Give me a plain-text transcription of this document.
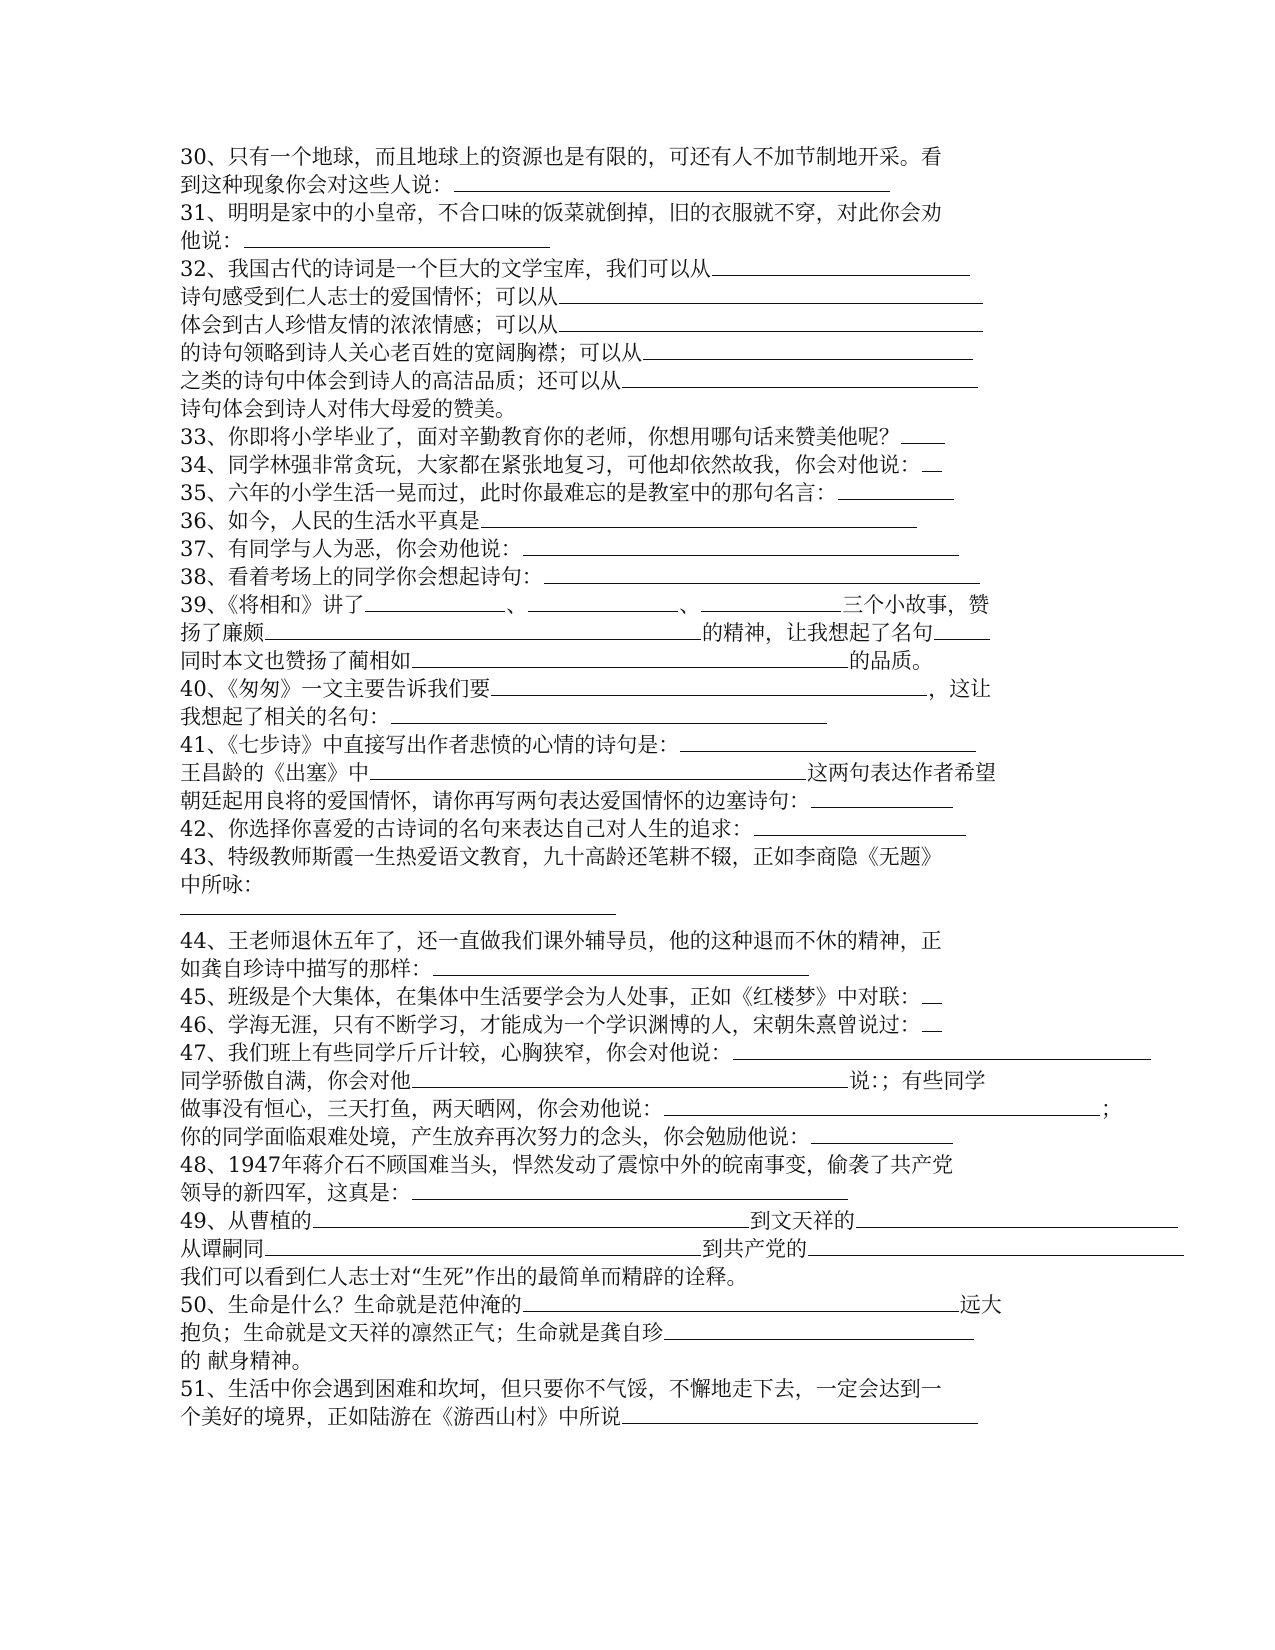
30、只有一个地球，而且地球上的资源也是有限的，可还有人不加节制地开采。看
到这种现象你会对这些人说：
31、明明是家中的小皇帝，不合口味的饭菜就倒掉，旧的衣服就不穿，对此你会劝
他说：
32、我国古代的诗词是一个巨大的文学宝库，我们可以从
诗句感受到仁人志士的爱国情怀；可以从
体会到古人珍惜友情的浓浓情感；可以从
的诗句领略到诗人关心老百姓的宽阔胸襟；可以从
之类的诗句中体会到诗人的高洁品质；还可以从
诗句体会到诗人对伟大母爱的赞美。
33、你即将小学毕业了，面对辛勤教育你的老师，你想用哪句话来赞美他呢？
34、同学林强非常贪玩，大家都在紧张地复习，可他却依然故我，你会对他说：
35、六年的小学生活一晃而过，此时你最难忘的是教室中的那句名言：
36、如今，人民的生活水平真是
37、有同学与人为恶，你会劝他说：
38、看着考场上的同学你会想起诗句：
39、《将相和》讲了	、	、	三个小故事，赞
扬了廉颇	的精神，让我想起了名句
同时本文也赞扬了蔺相如	的品质。
40、《匆匆》一文主要告诉我们要	，这让
我想起了相关的名句：
41、《七步诗》中直接写出作者悲愤的心情的诗句是：
王昌龄的《出塞》中	这两句表达作者希望
朝廷起用良将的爱国情怀，请你再写两句表达爱国情怀的边塞诗句：
42、你选择你喜爱的古诗词的名句来表达自己对人生的追求：
43、特级教师斯霞一生热爱语文教育，九十高龄还笔耕不辍，正如李商隐《无题》
中所咏：
44、王老师退休五年了，还一直做我们课外辅导员，他的这种退而不休的精神，正
如龚自珍诗中描写的那样：
45、班级是个大集体，在集体中生活要学会为人处事，正如《红楼梦》中对联：
46、学海无涯，只有不断学习，才能成为一个学识渊博的人，宋朝朱熹曾说过：
47、我们班上有些同学斤斤计较，心胸狭窄，你会对他说：
同学骄傲自满，你会对他	说：；有些同学
做事没有恒心，三天打鱼，两天晒网，你会劝他说：	；
你的同学面临艰难处境，产生放弃再次努力的念头，你会勉励他说：
48、1947年蒋介石不顾国难当头，悍然发动了震惊中外的皖南事变，偷袭了共产党
领导的新四军，这真是：
49、从曹植的	到文天祥的
从谭嗣同	到共产党的
我们可以看到仁人志士对“生死”作出的最简单而精辟的诠释。
50、生命是什么？生命就是范仲淹的	远大
抱负；生命就是文天祥的凛然正气；生命就是龚自珍
的 献身精神。
51、生活中你会遇到困难和坎坷，但只要你不气馁，不懈地走下去，一定会达到一
个美好的境界，正如陆游在《游西山村》中所说
